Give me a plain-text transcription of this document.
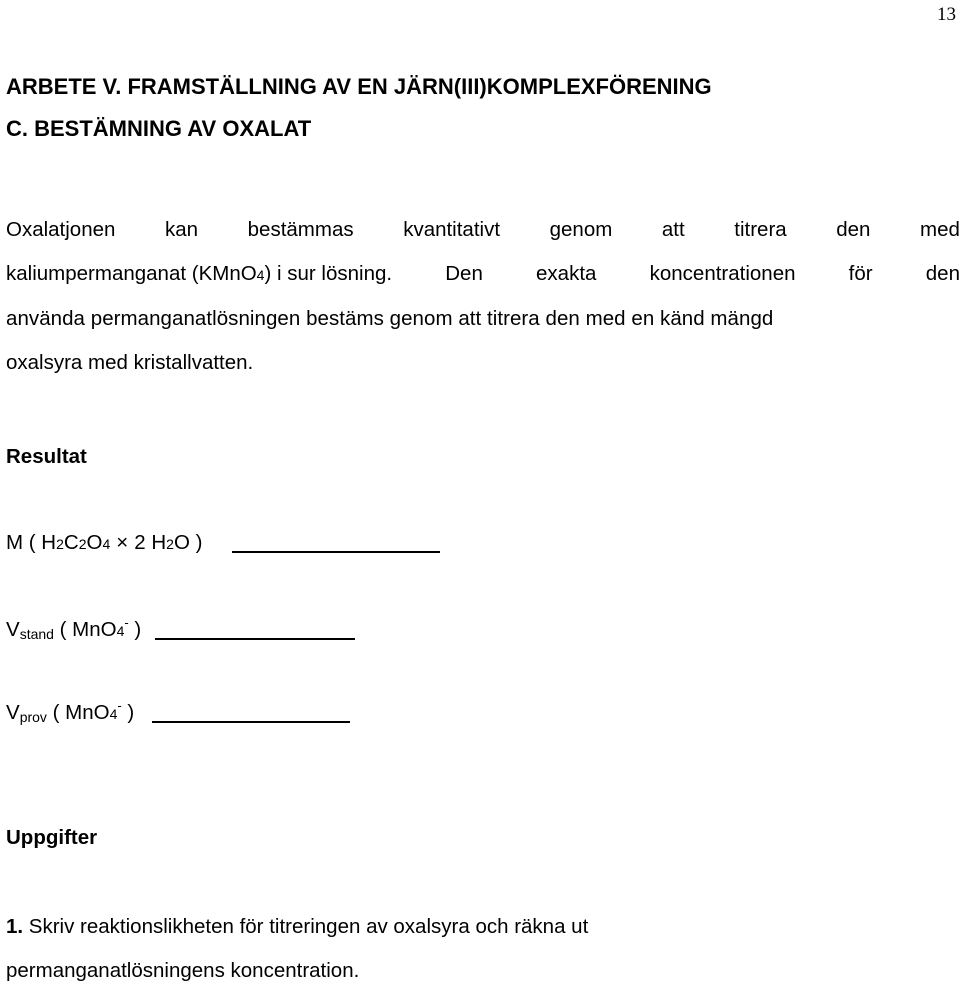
13
ARBETE V. FRAMSTÄLLNING AV EN JÄRN(III)KOMPLEXFÖRENING
C. BESTÄMNING AV OXALAT
Oxalatjonen kan bestämmas kvantitativt genom att titrera den med
kaliumpermanganat (KMnO4) i sur lösning.	Den	exakta	koncentrationen	för	den
använda permanganatlösningen bestäms genom att titrera den med en känd mängd
oxalsyra med kristallvatten.
Resultat
M ( H2C2O4 × 2 H2O )
$V_{stand}$ ( MnO4- )
$V_{prov}$ ( MnO4- )
Uppgifter
1. Skriv reaktionslikheten för titreringen av oxalsyra och räkna ut
permanganatlösningens koncentration.
